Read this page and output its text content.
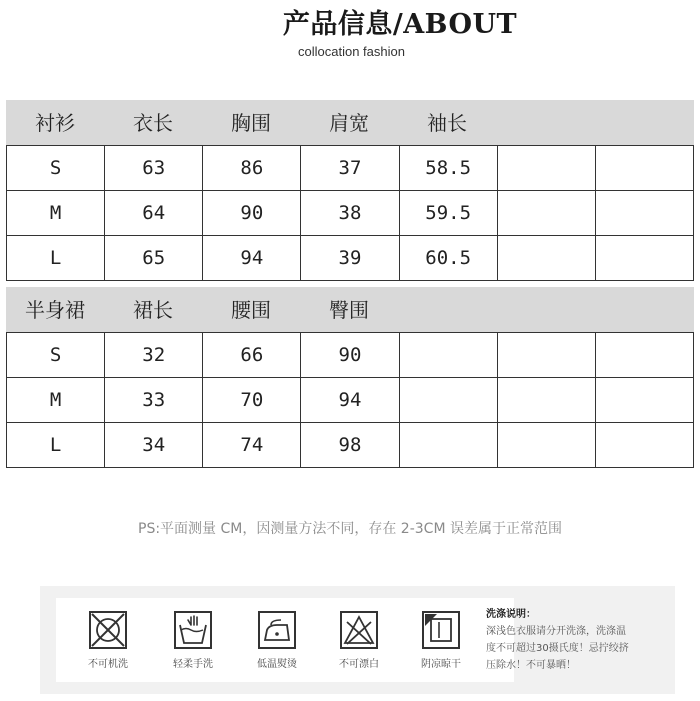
产品信息/ABOUT
collocation fashion
衬衫	衣长	胸围	肩宽	袖长
S	63	86	37	58.5		
M	64	90	38	59.5		
L	65	94	39	60.5		
半身裙	裙长	腰围	臀围
S	32	66	90			
M	33	70	94			
L	34	74	98			
PS:平面测量 CM，因测量方法不同，存在 2-3CM 误差属于正常范围
不可机洗	轻柔手洗	低温熨烫	不可漂白	阴凉晾干
洗涤说明：
深浅色衣服请分开洗涤，洗涤温
度不可超过30摄氏度！忌拧绞挤
压除水！不可暴晒！
